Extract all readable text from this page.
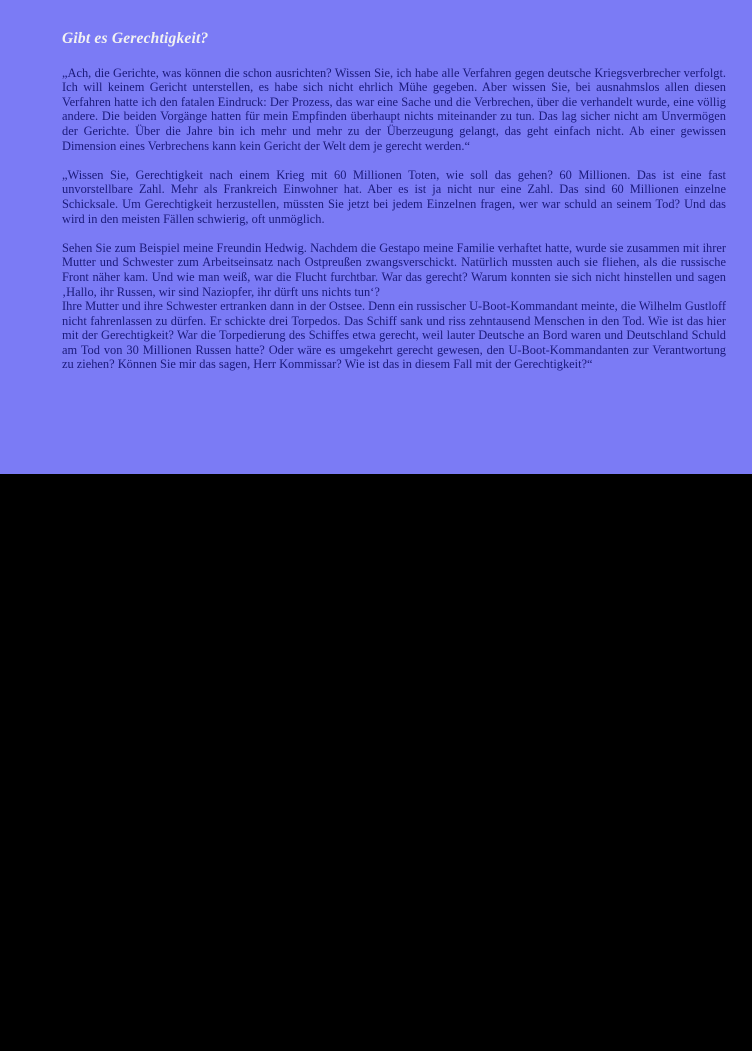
Gibt es Gerechtigkeit?

„Ach, die Gerichte, was können die schon ausrichten? Wissen Sie, ich habe alle Verfahren gegen deutsche Kriegsverbrecher verfolgt. Ich will keinem Gericht unterstellen, es habe sich nicht ehrlich Mühe gegeben. Aber wissen Sie, bei ausnahmslos allen diesen Verfahren hatte ich den fatalen Eindruck: Der Prozess, das war eine Sache und die Verbrechen, über die verhandelt wurde, eine völlig andere. Die beiden Vorgänge hatten für mein Empfinden überhaupt nichts miteinander zu tun. Das lag sicher nicht am Unvermögen der Gerichte. Über die Jahre bin ich mehr und mehr zu der Überzeugung gelangt, das geht einfach nicht. Ab einer gewissen Dimension eines Verbrechens kann kein Gericht der Welt dem je gerecht werden.“

„Wissen Sie, Gerechtigkeit nach einem Krieg mit 60 Millionen Toten, wie soll das gehen? 60 Millionen. Das ist eine fast unvorstellbare Zahl. Mehr als Frankreich Einwohner hat. Aber es ist ja nicht nur eine Zahl. Das sind 60 Millionen einzelne Schicksale. Um Gerechtigkeit herzustellen, müssten Sie jetzt bei jedem Einzelnen fragen, wer war schuld an seinem Tod? Und das wird in den meisten Fällen schwierig, oft unmöglich.

Sehen Sie zum Beispiel meine Freundin Hedwig. Nachdem die Gestapo meine Familie verhaftet hatte, wurde sie zusammen mit ihrer Mutter und Schwester zum Arbeitseinsatz nach Ostpreußen zwangsverschickt. Natürlich mussten auch sie fliehen, als die russische Front näher kam. Und wie man weiß, war die Flucht furchtbar. War das gerecht? Warum konnten sie sich nicht hinstellen und sagen ‚Hallo, ihr Russen, wir sind Naziopfer, ihr dürft uns nichts tun‘?

Ihre Mutter und ihre Schwester ertranken dann in der Ostsee. Denn ein russischer U-Boot-Kommandant meinte, die Wilhelm Gustloff nicht fahrenlassen zu dürfen. Er schickte drei Torpedos. Das Schiff sank und riss zehntausend Menschen in den Tod. Wie ist das hier mit der Gerechtigkeit? War die Torpedierung des Schiffes etwa gerecht, weil lauter Deutsche an Bord waren und Deutschland Schuld am Tod von 30 Millionen Russen hatte? Oder wäre es umgekehrt gerecht gewesen, den U-Boot-Kommandanten zur Verantwortung zu ziehen? Können Sie mir das sagen, Herr Kommissar? Wie ist das in diesem Fall mit der Gerechtigkeit?“
